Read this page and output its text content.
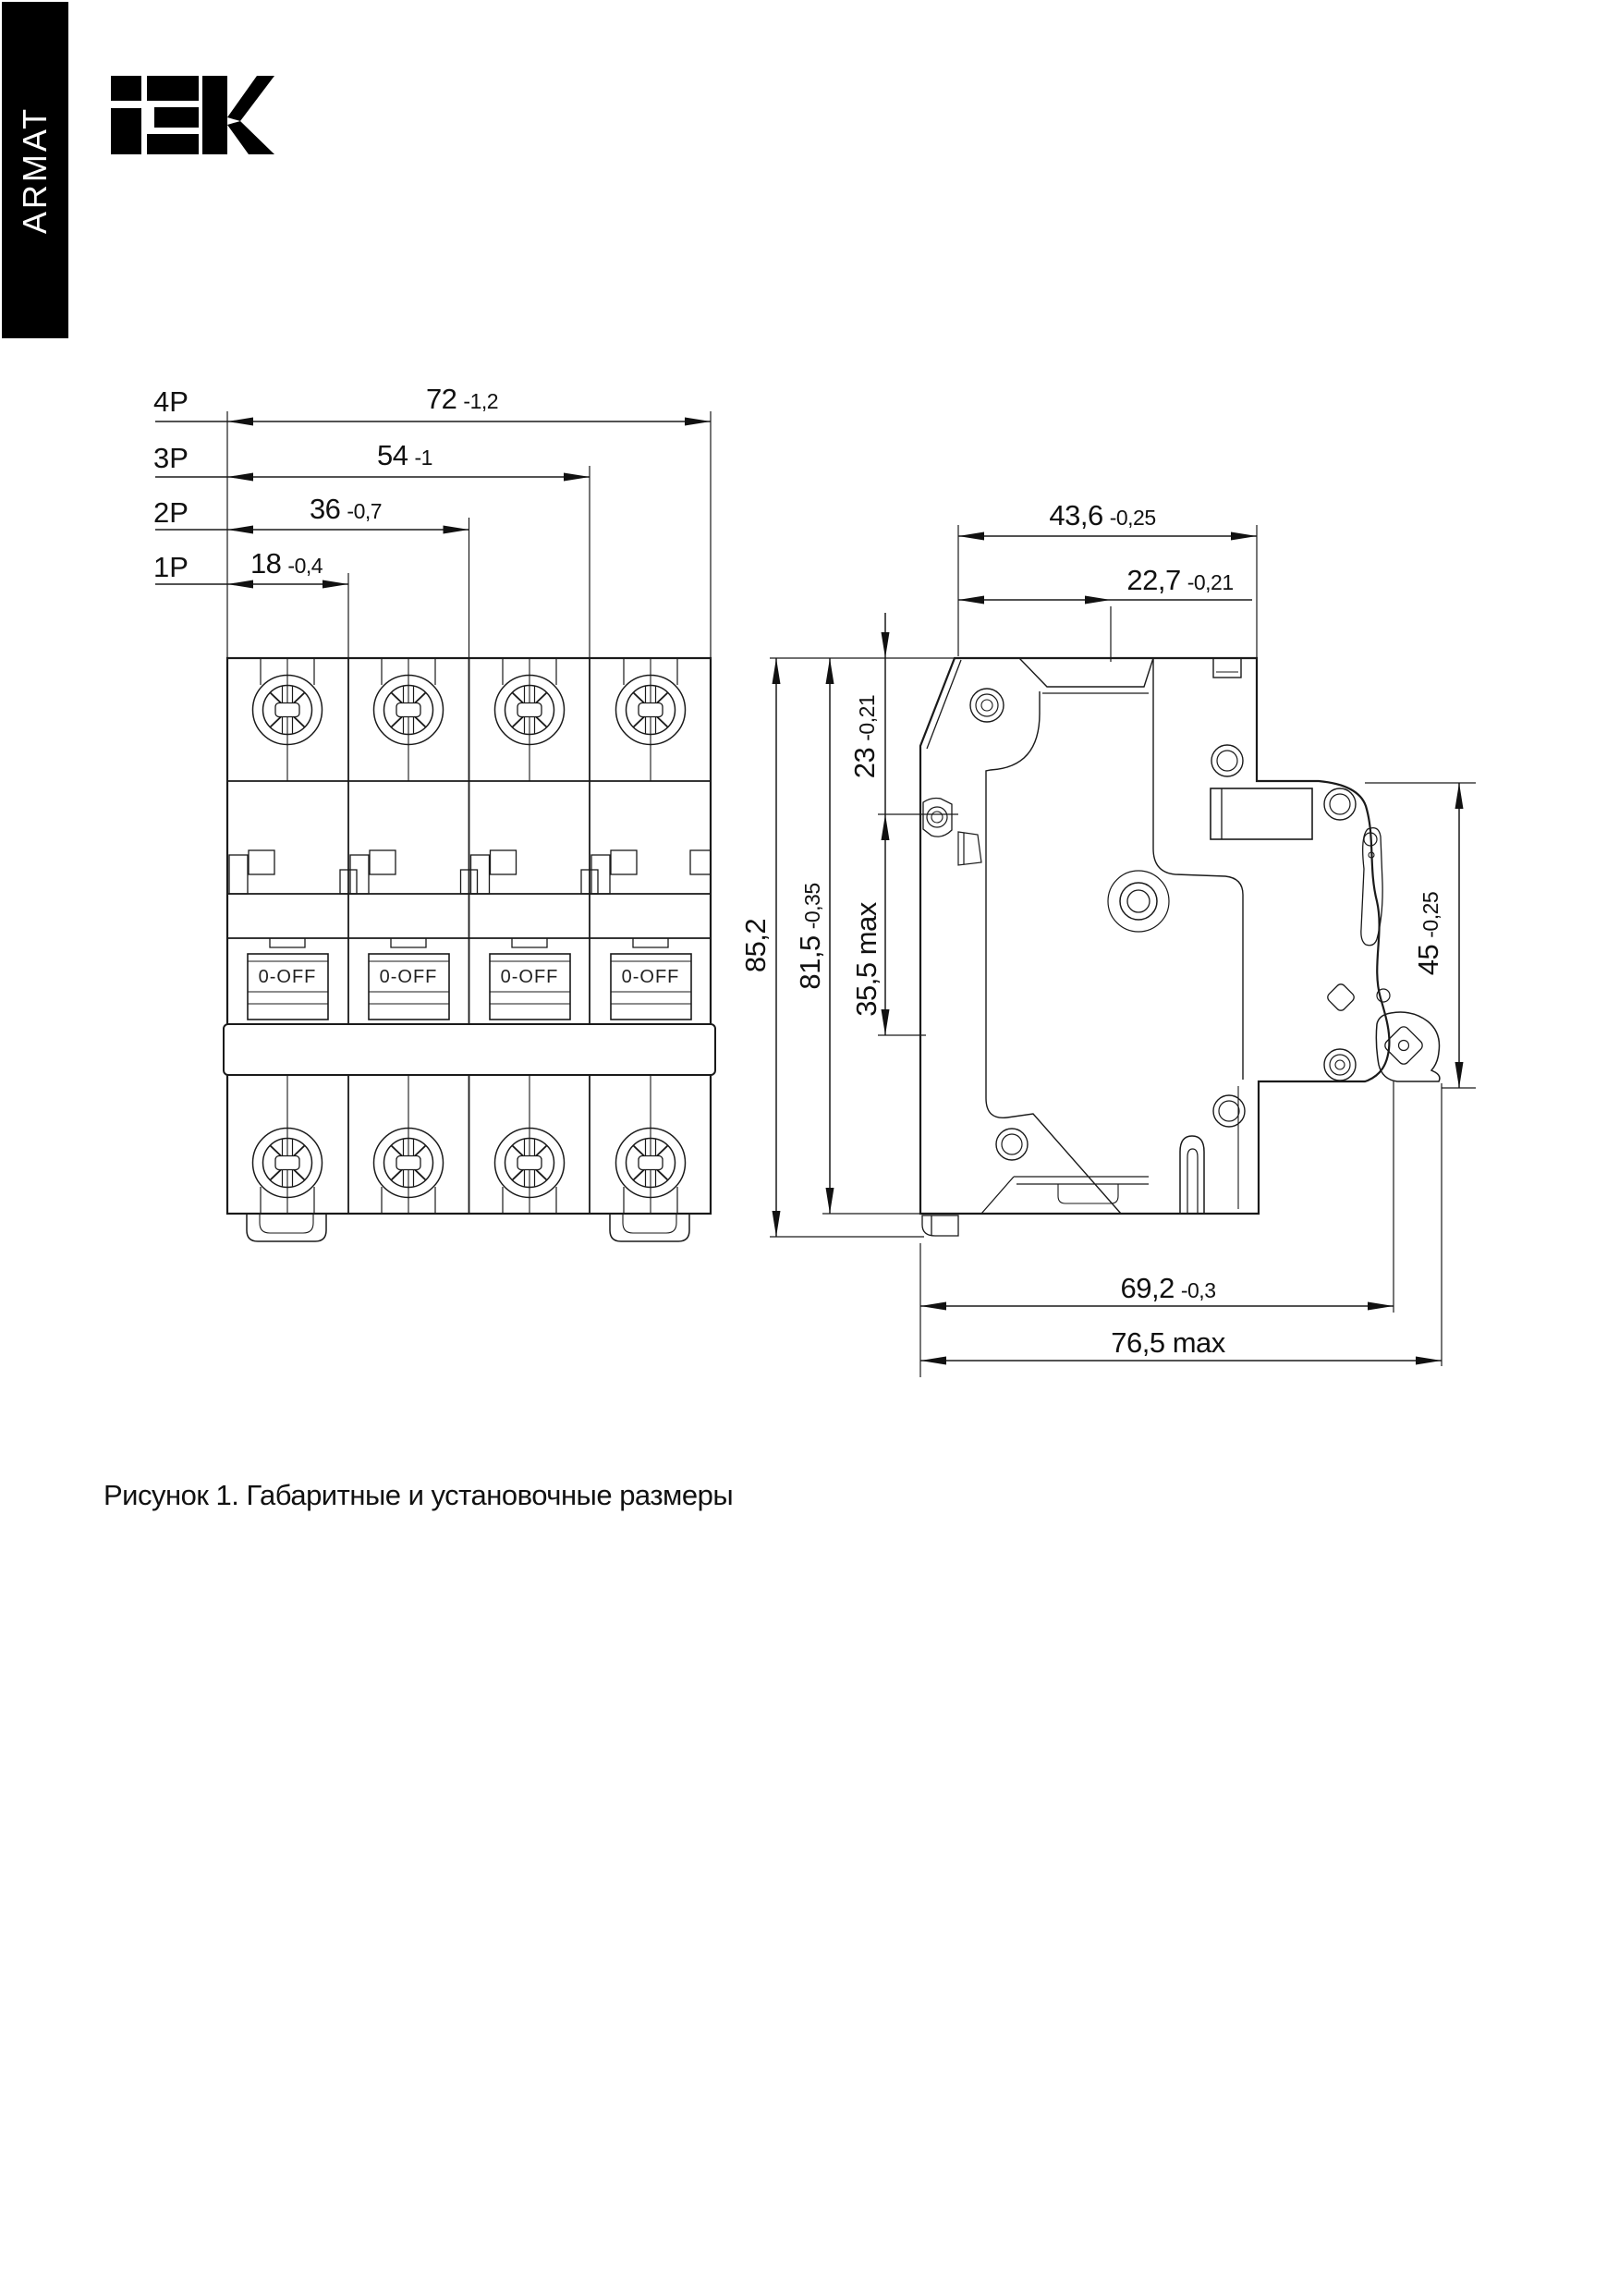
ARMAT
4P
3P
2P
1P
72 -1,2
54 -1
36 -0,7
18 -0,4
43,6 -0,25
22,7 -0,21
85,2 81,5
-0,35
23
-0,21
35,5 max	45
-0,25
69,2 -0,3
76,5 max
0-OFF	0-OFF	0-OFF	0-OFF
Рисунок 1. Габаритные и установочные размеры
